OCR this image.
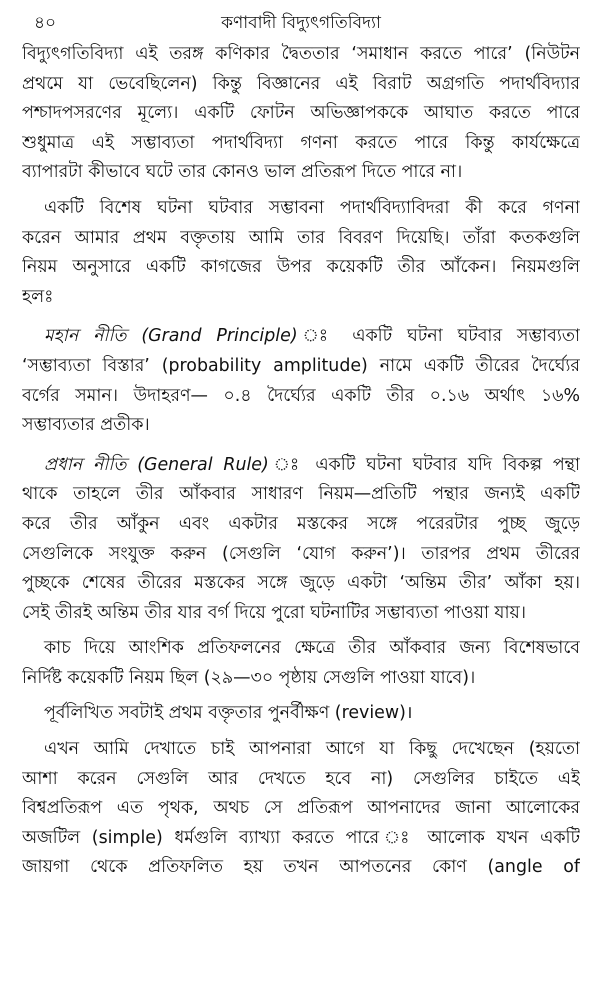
৪০	কণাবাদী বিদ্যুৎগতিবিদ্যা

বিদ্যুৎগতিবিদ্যা এই তরঙ্গ কণিকার দ্বৈততার ‘সমাধান করতে পারে’ (নিউটন
প্রথমে যা ভেবেছিলেন) কিন্তু বিজ্ঞানের এই বিরাট অগ্রগতি পদার্থবিদ্যার
পশ্চাদপসরণের মূল্যে। একটি ফোটন অভিজ্ঞাপককে আঘাত করতে পারে
শুধুমাত্র এই সম্ভাব্যতা পদার্থবিদ্যা গণনা করতে পারে কিন্তু কার্যক্ষেত্রে
ব্যাপারটা কীভাবে ঘটে তার কোনও ভাল প্রতিরূপ দিতে পারে না।

একটি বিশেষ ঘটনা ঘটবার সম্ভাবনা পদার্থবিদ্যাবিদরা কী করে গণনা
করেন আমার প্রথম বক্তৃতায় আমি তার বিবরণ দিয়েছি। তাঁরা কতকগুলি
নিয়ম অনুসারে একটি কাগজের উপর কয়েকটি তীর আঁকেন। নিয়মগুলি
হলঃ

মহান নীতি (Grand Principle) ঃ একটি ঘটনা ঘটবার সম্ভাব্যতা
‘সম্ভাব্যতা বিস্তার’ (probability amplitude) নামে একটি তীরের দৈর্ঘ্যের
বর্গের সমান। উদাহরণ— ০.৪ দৈর্ঘ্যের একটি তীর ০.১৬ অর্থাৎ ১৬%
সম্ভাব্যতার প্রতীক।

প্রধান নীতি (General Rule) ঃ একটি ঘটনা ঘটবার যদি বিকল্প পন্থা
থাকে তাহলে তীর আঁকবার সাধারণ নিয়ম—প্রতিটি পন্থার জন্যই একটি
করে তীর আঁকুন এবং একটার মস্তকের সঙ্গে পরেরটার পুচ্ছ জুড়ে
সেগুলিকে সংযুক্ত করুন (সেগুলি ‘যোগ করুন’)। তারপর প্রথম তীরের
পুচ্ছকে শেষের তীরের মস্তকের সঙ্গে জুড়ে একটা ‘অন্তিম তীর’ আঁকা হয়।
সেই তীরই অন্তিম তীর যার বর্গ দিয়ে পুরো ঘটনাটির সম্ভাব্যতা পাওয়া যায়।

কাচ দিয়ে আংশিক প্রতিফলনের ক্ষেত্রে তীর আঁকবার জন্য বিশেষভাবে
নির্দিষ্ট কয়েকটি নিয়ম ছিল (২৯—৩০ পৃষ্ঠায় সেগুলি পাওয়া যাবে)।

পূর্বলিখিত সবটাই প্রথম বক্তৃতার পুনর্বীক্ষণ (review)।

এখন আমি দেখাতে চাই আপনারা আগে যা কিছু দেখেছেন (হয়তো
আশা করেন সেগুলি আর দেখতে হবে না) সেগুলির চাইতে এই
বিশ্বপ্রতিরূপ এত পৃথক, অথচ সে প্রতিরূপ আপনাদের জানা আলোকের
অজটিল (simple) ধর্মগুলি ব্যাখ্যা করতে পারে ঃ আলোক যখন একটি
জায়গা থেকে প্রতিফলিত হয় তখন আপতনের কোণ (angle of
